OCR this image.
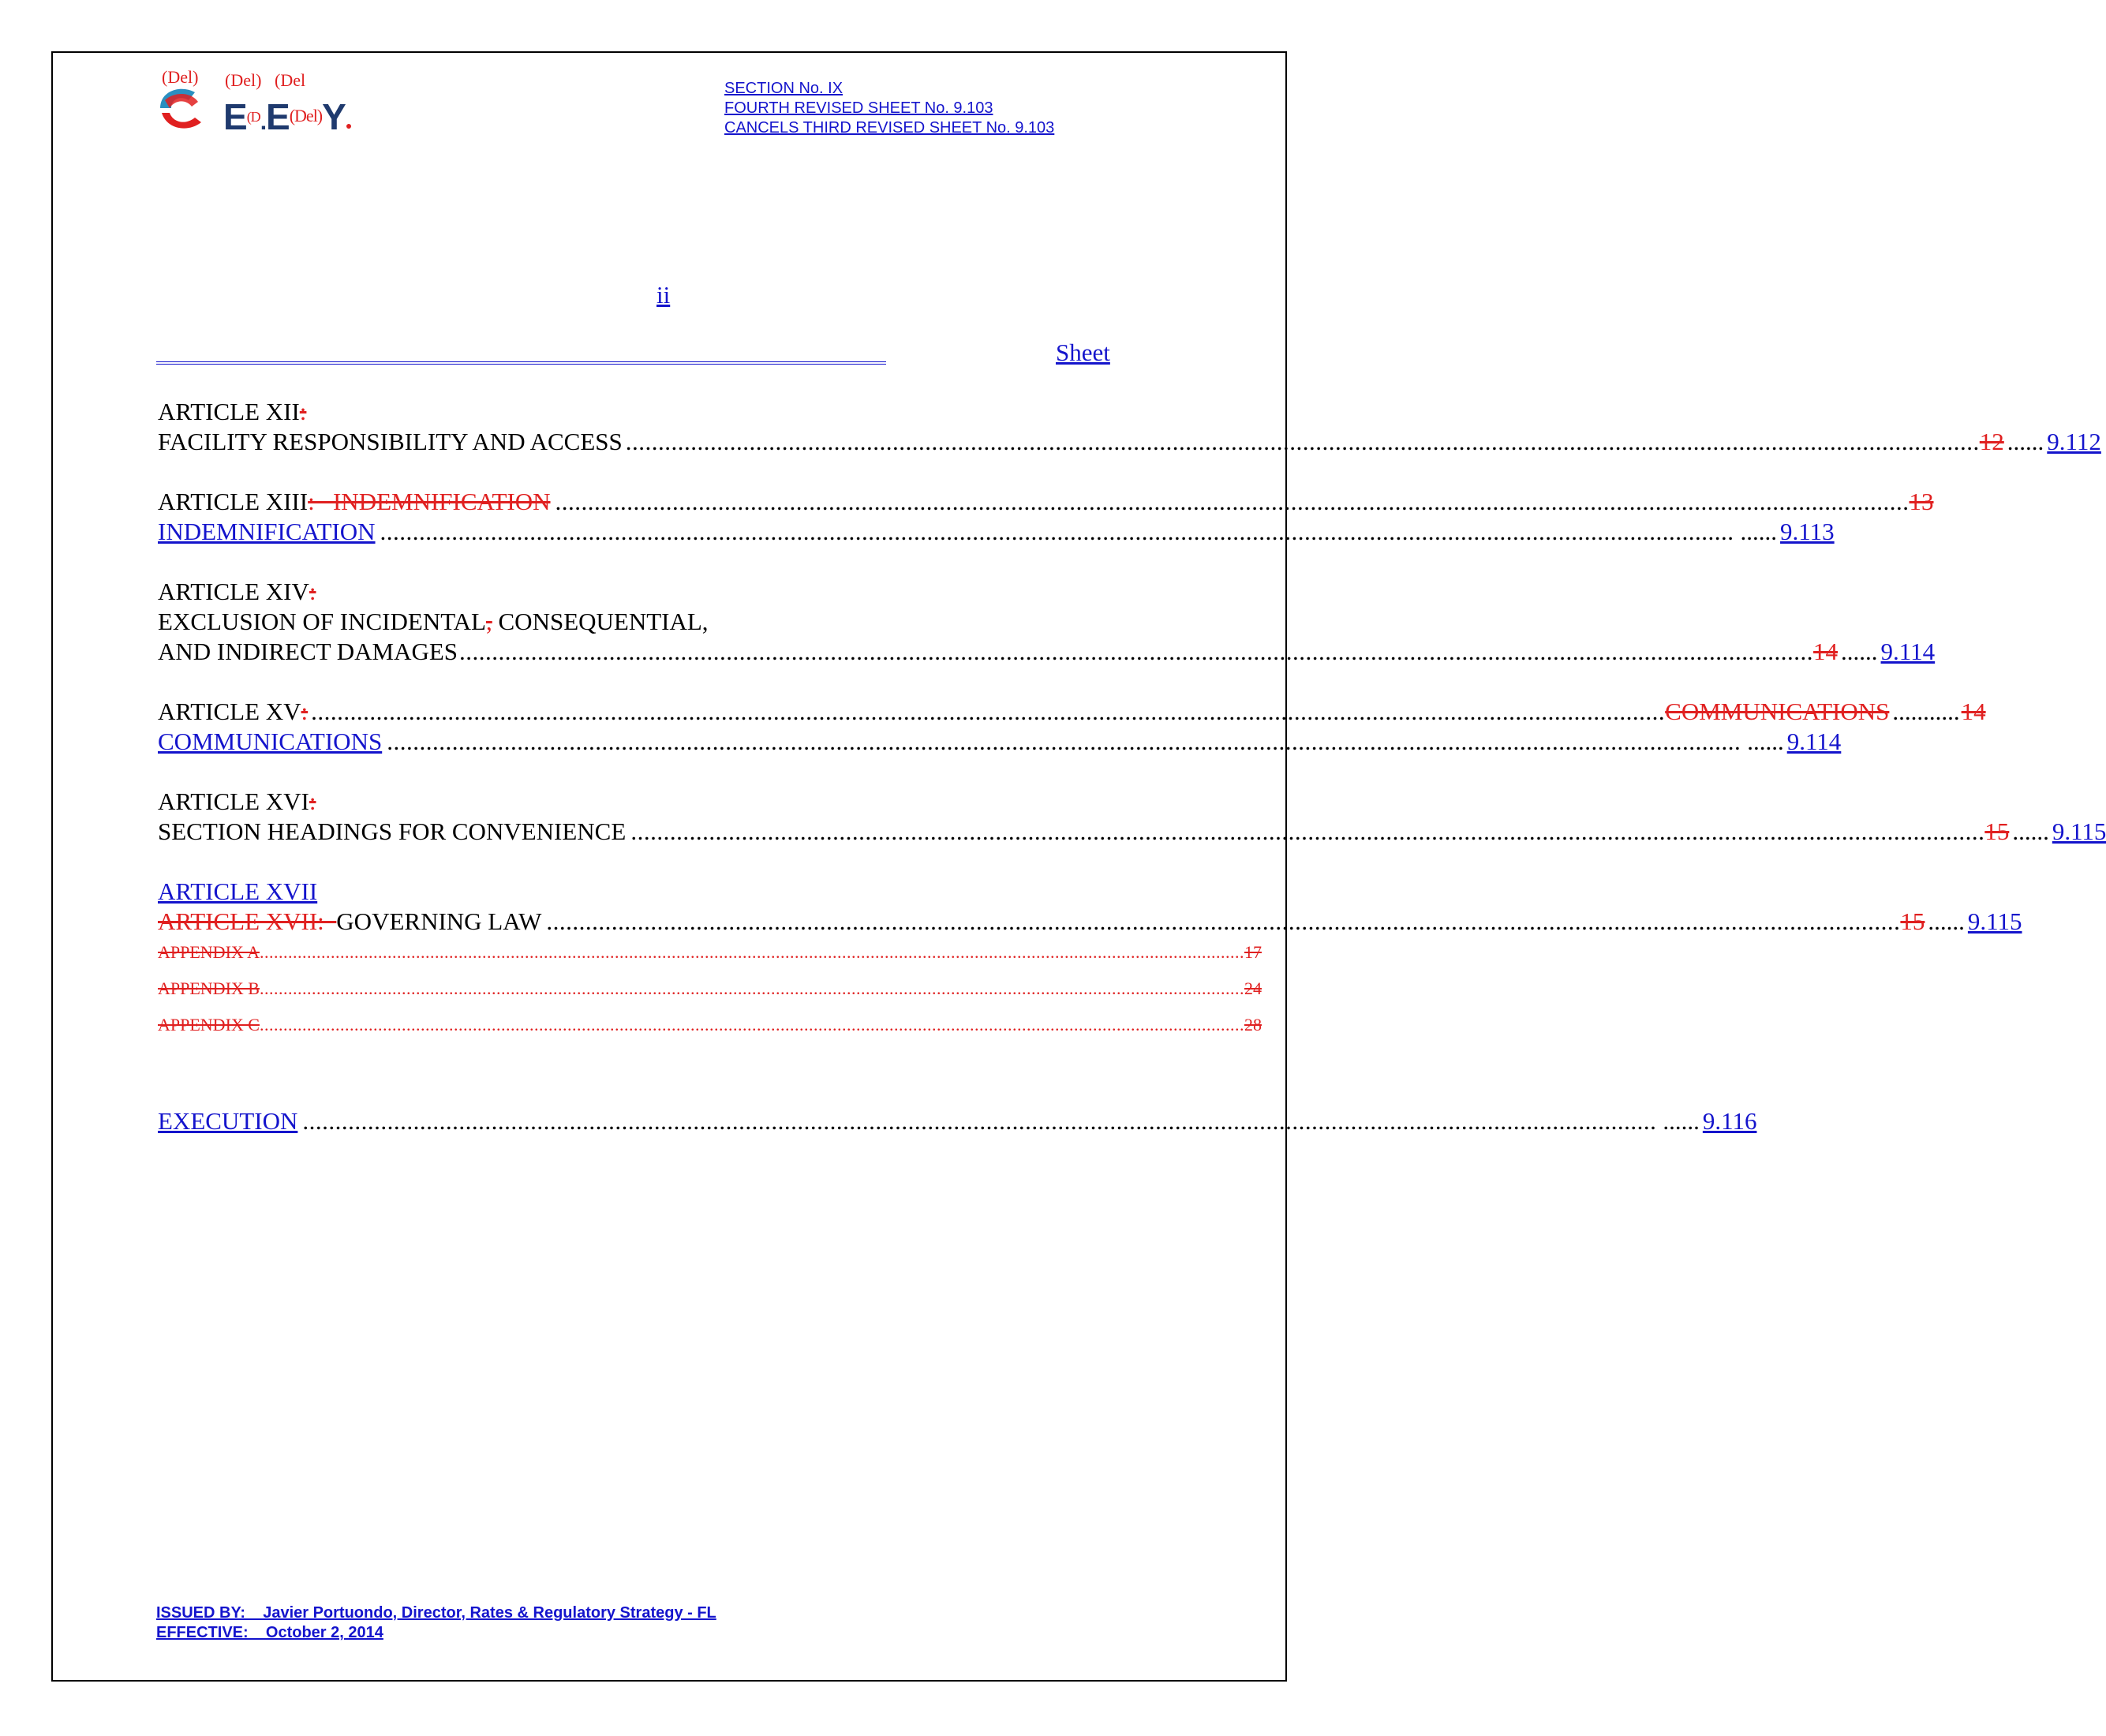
(Del) (Del) (Del
$E^{(D}.E^{(Del)}Y●$
SECTION No. IX
FOURTH REVISED SHEET No. 9.103
CANCELS THIRD REVISED SHEET No. 9.103
ii
Sheet
ARTICLE XII :
FACILITY RESPONSIBILITY AND ACCESS ................................................................................................................................................................................................................ 12 ...... 9.112
ARTICLE XIII :   INDEMNIFICATION ................................................................................................................................................................................................................ 13
INDEMNIFICATION ................................................................................................................................................................................................................ ...... 9.113
ARTICLE XIV :
EXCLUSION OF INCIDENTAL , CONSEQUENTIAL,
AND INDIRECT DAMAGES ................................................................................................................................................................................................................ 14 ...... 9.114
ARTICLE XV : ................................................................................................................................................................................................................ COMMUNICATIONS ........... 14
COMMUNICATIONS ................................................................................................................................................................................................................ ...... 9.114
ARTICLE XVI :
SECTION HEADINGS FOR CONVENIENCE ................................................................................................................................................................................................................ 15 ...... 9.115
ARTICLE XVII
ARTICLE XVII: GOVERNING LAW ................................................................................................................................................................................................................ 15 ...... 9.115
APPENDIX A ................................................................................................................................................................................................................ 17
APPENDIX B ................................................................................................................................................................................................................ 24
APPENDIX C ................................................................................................................................................................................................................ 28
EXECUTION ................................................................................................................................................................................................................ ...... 9.116
ISSUED BY:    Javier Portuondo, Director, Rates & Regulatory Strategy - FL
EFFECTIVE:    October 2, 2014
